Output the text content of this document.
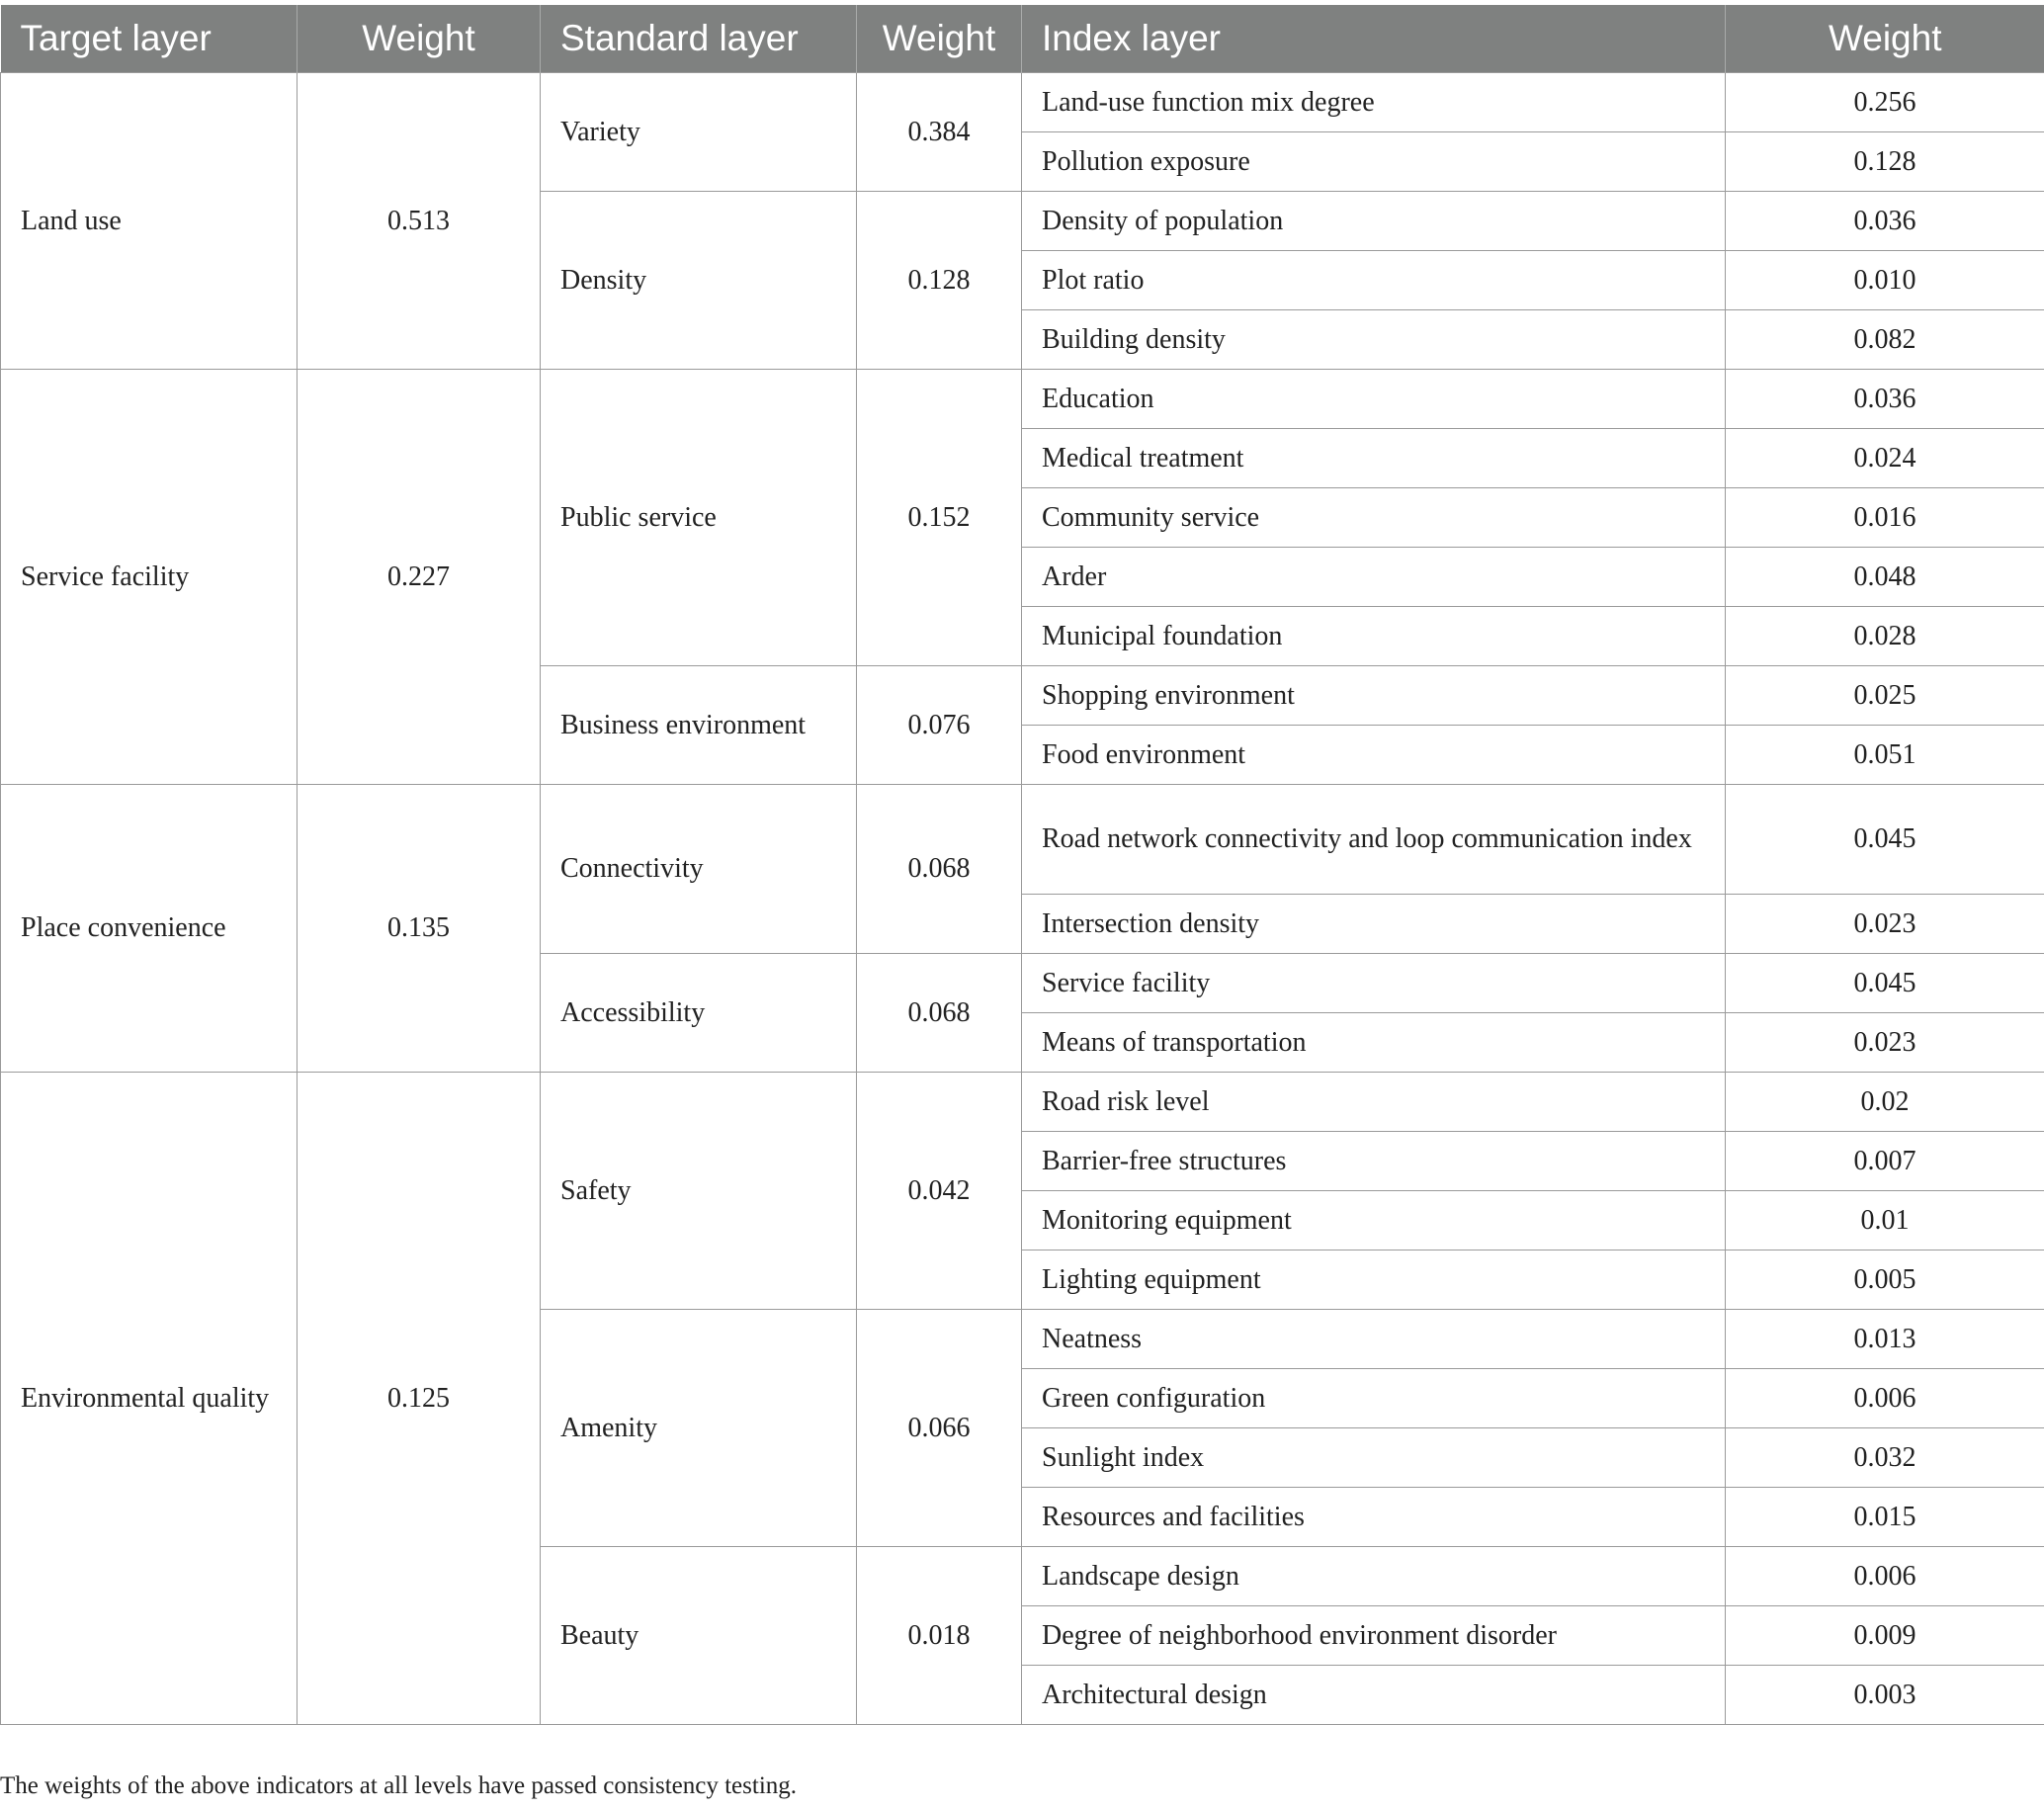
Target layer	Weight	Standard layer	Weight	Index layer	Weight
Land use	0.513	Variety	0.384	Land-use function mix degree	0.256
				Pollution exposure	0.128
		Density	0.128	Density of population	0.036
				Plot ratio	0.010
				Building density	0.082
Service facility	0.227	Public service	0.152	Education	0.036
				Medical treatment	0.024
				Community service	0.016
				Arder	0.048
				Municipal foundation	0.028
		Business environment	0.076	Shopping environment	0.025
				Food environment	0.051
Place convenience	0.135	Connectivity	0.068	Road network connectivity and loop communication index	0.045
				Intersection density	0.023
		Accessibility	0.068	Service facility	0.045
				Means of transportation	0.023
Environmental quality	0.125	Safety	0.042	Road risk level	0.02
				Barrier-free structures	0.007
				Monitoring equipment	0.01
				Lighting equipment	0.005
		Amenity	0.066	Neatness	0.013
				Green configuration	0.006
				Sunlight index	0.032
				Resources and facilities	0.015
		Beauty	0.018	Landscape design	0.006
				Degree of neighborhood environment disorder	0.009
				Architectural design	0.003
The weights of the above indicators at all levels have passed consistency testing.
